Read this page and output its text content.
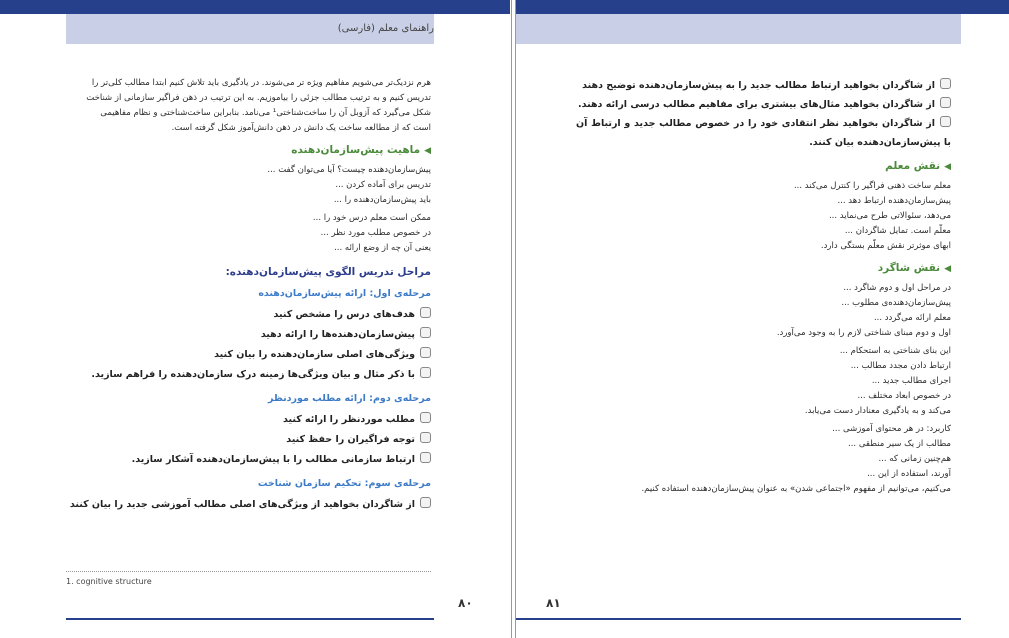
راهنمای معلم (فارسی)
هرم نزدیک‌تر می‌شویم مفاهیم ویژه تر می‌شوند. در یادگیری باید تلاش کنیم ابتدا مطالب کلی‌تر را
تدریس کنیم و به ترتیب مطالب جزئی را بیاموزیم. به این ترتیب در ذهن فراگیر سازمانی از شناخت
شکل می‌گیرد که آزوبل آن را ساخت‌شناختی‌¹ می‌نامد. بنابراین ساخت‌شناختی و نظام مفاهیمی
است که از مطالعه ساخت یک دانش در ذهن دانش‌آموز شکل گرفته است.
◀ماهیت پیش‌سازمان‌دهنده
پیش‌سازمان‌دهنده چیست؟ آیا می‌توان گفت ...
تدریس برای آماده کردن ...
باید پیش‌سازمان‌دهنده را ...
ممکن است معلم درس خود را ...
در خصوص مطلب مورد نظر ...
یعنی آن چه از وضع ارائه ...
مراحل تدریس الگوی پیش‌سازمان‌دهنده:
مرحله‌ی اول: ارائه پیش‌سازمان‌دهنده
هدف‌های درس را مشخص کنید
پیش‌سازمان‌دهنده‌ها را ارائه دهید
ویژگی‌های اصلی سازمان‌دهنده را بیان کنید
با ذکر مثال و بیان ویژگی‌ها زمینه درک سازمان‌دهنده را فراهم سازید.
مرحله‌ی دوم: ارائه مطلب موردنظر
مطلب موردنظر را ارائه کنید
توجه فراگیران را حفظ کنید
ارتباط سازمانی مطالب را با پیش‌سازمان‌دهنده آشکار سازید.
مرحله‌ی سوم: تحکیم سازمان شناخت
از شاگردان بخواهید از ویژگی‌های اصلی مطالب آموزشی جدید را بیان کنند
1. cognitive structure
۸۰
از شاگردان بخواهید ارتباط مطالب جدید را به پیش‌سازمان‌دهنده توضیح دهند
از شاگردان بخواهید مثال‌های بیشتری برای مفاهیم مطالب درسی ارائه دهند.
از شاگردان بخواهید نظر انتقادی خود را در خصوص مطالب جدید و ارتباط آن با پیش‌سازمان‌دهنده بیان کنند.
◀نقش معلم
معلم ساخت ذهنی فراگیر را کنترل می‌کند ...
پیش‌سازمان‌دهنده ارتباط دهد ...
می‌دهد، سئوالاتی طرح می‌نماید ...
معلّم است. تمایل شاگردان ...
ابهای موثرتر نقش معلّم بستگی دارد.
◀نقش شاگرد
در مراحل اول و دوم شاگرد ...
پیش‌سازمان‌دهنده‌ی مطلوب ...
معلم ارائه می‌گردد ...
اول و دوم مبنای شناختی لازم را به وجود می‌آورد.
این بنای شناختی به استحکام ...
ارتباط دادن مجدد مطالب ...
اجرای مطالب جدید ...
در خصوص ابعاد مختلف ...
می‌کند و به یادگیری معنادار دست می‌یابد.
کاربرد: در هر محتوای آموزشی ...
مطالب از یک سیر منطقی ...
هم‌چنین زمانی که ...
آورند، استفاده از این ...
می‌کنیم، می‌توانیم از مفهوم «اجتماعی شدن» به عنوان پیش‌سازمان‌دهنده استفاده کنیم.
۸۱
